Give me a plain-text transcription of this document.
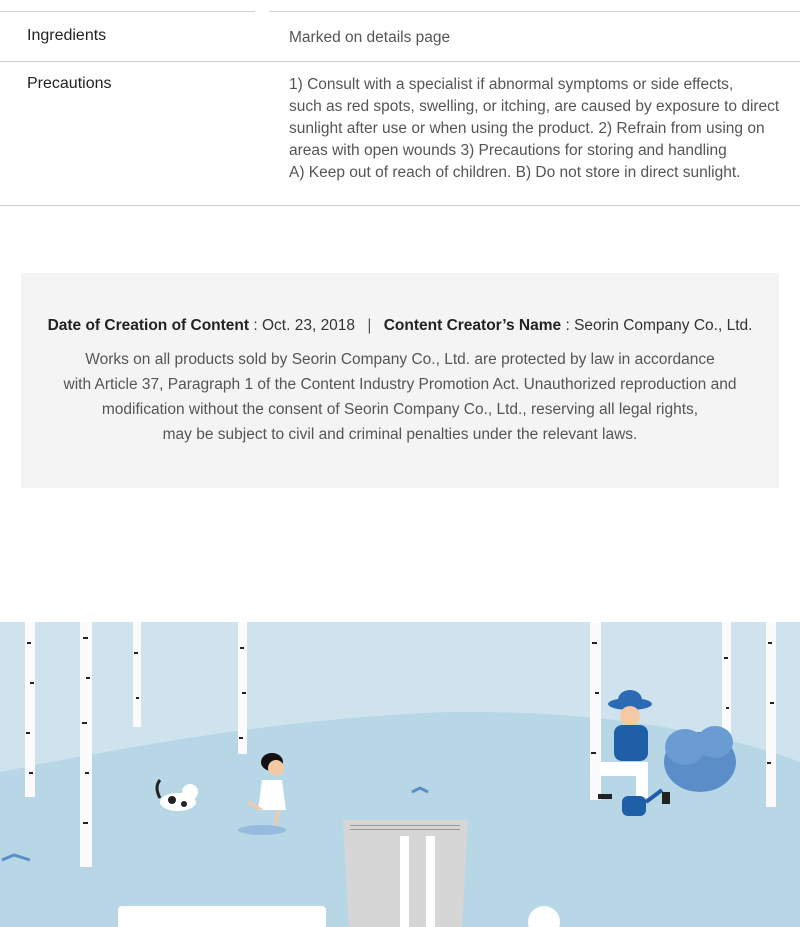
Ingredients	Marked on details page
Precautions	1) Consult with a specialist if abnormal symptoms or side effects,
such as red spots, swelling, or itching, are caused by exposure to direct
sunlight after use or when using the product. 2) Refrain from using on
areas with open wounds 3) Precautions for storing and handling
A) Keep out of reach of children. B) Do not store in direct sunlight.
Date of Creation of Content : Oct. 23, 2018 | Content Creator’s Name : Seorin Company Co., Ltd.
Works on all products sold by Seorin Company Co., Ltd. are protected by law in accordance
with Article 37, Paragraph 1 of the Content Industry Promotion Act. Unauthorized reproduction and
modification without the consent of Seorin Company Co., Ltd., reserving all legal rights,
may be subject to civil and criminal penalties under the relevant laws.
